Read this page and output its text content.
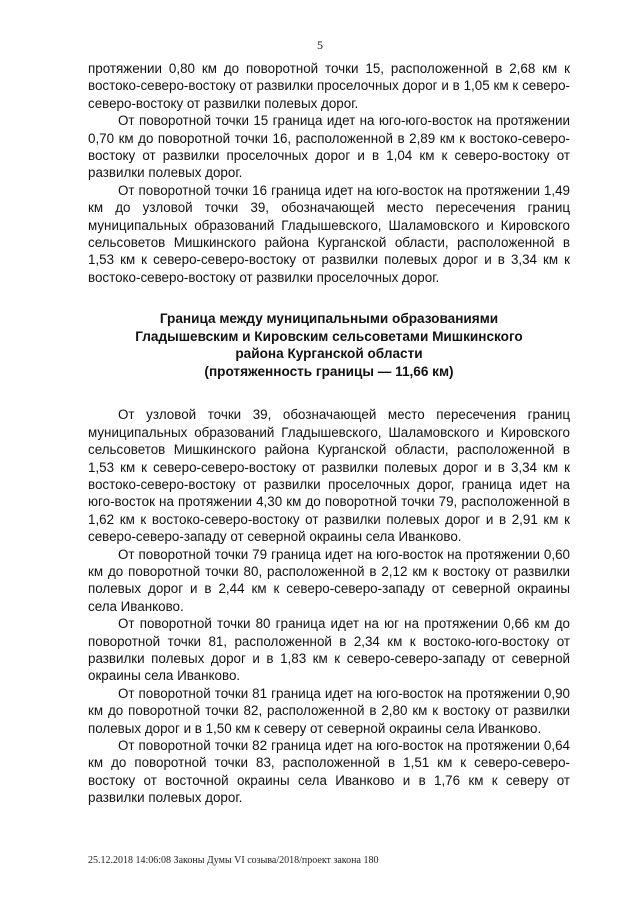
5

протяжении 0,80 км до поворотной точки 15, расположенной в 2,68 км к востоко-северо-востоку от развилки проселочных дорог и в 1,05 км к северо-северо-востоку от развилки полевых дорог.

От поворотной точки 15 граница идет на юго-юго-восток на протяжении 0,70 км до поворотной точки 16, расположенной в 2,89 км к востоко-северо-востоку от развилки проселочных дорог и в 1,04 км к северо-востоку от развилки полевых дорог.

От поворотной точки 16 граница идет на юго-восток на протяжении 1,49 км до узловой точки 39, обозначающей место пересечения границ муниципальных образований Гладышевского, Шаламовского и Кировского сельсоветов Мишкинского района Курганской области, расположенной в 1,53 км к северо-северо-востоку от развилки полевых дорог и в 3,34 км к востоко-северо-востоку от развилки проселочных дорог.

Граница между муниципальными образованиями
Гладышевским и Кировским сельсоветами Мишкинского
района Курганской области
(протяженность границы — 11,66 км)

От узловой точки 39, обозначающей место пересечения границ муниципальных образований Гладышевского, Шаламовского и Кировского сельсоветов Мишкинского района Курганской области, расположенной в 1,53 км к северо-северо-востоку от развилки полевых дорог и в 3,34 км к востоко-северо-востоку от развилки проселочных дорог, граница идет на юго-восток на протяжении 4,30 км до поворотной точки 79, расположенной в 1,62 км к востоко-северо-востоку от развилки полевых дорог и в 2,91 км к северо-северо-западу от северной окраины села Иванково.

От поворотной точки 79 граница идет на юго-восток на протяжении 0,60 км до поворотной точки 80, расположенной в 2,12 км к востоку от развилки полевых дорог и в 2,44 км к северо-северо-западу от северной окраины села Иванково.

От поворотной точки 80 граница идет на юг на протяжении 0,66 км до поворотной точки 81, расположенной в 2,34 км к востоко-юго-востоку от развилки полевых дорог и в 1,83 км к северо-северо-западу от северной окраины села Иванково.

От поворотной точки 81 граница идет на юго-восток на протяжении 0,90 км до поворотной точки 82, расположенной в 2,80 км к востоку от развилки полевых дорог и в 1,50 км к северу от северной окраины села Иванково.

От поворотной точки 82 граница идет на юго-восток на протяжении 0,64 км до поворотной точки 83, расположенной в 1,51 км к северо-северо-востоку от восточной окраины села Иванково и в 1,76 км к северу от развилки полевых дорог.

25.12.2018 14:06:08 Законы Думы VI созыва/2018/проект закона 180
